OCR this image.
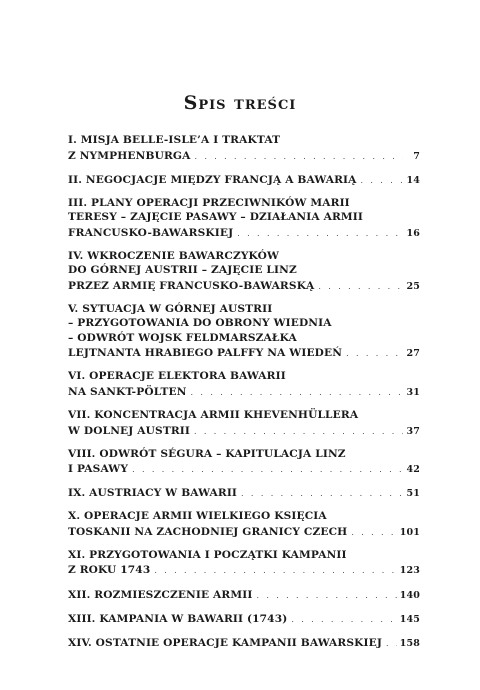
Spis treści
I. MISJA BELLE-ISLE’A I TRAKTAT
Z NYMPHENBURGA . . .	7
II. NEGOCJACJE MIĘDZY FRANCJĄ A BAWARIĄ . . .	14
III. PLANY OPERACJI PRZECIWNIKÓW MARII
TERESY – ZAJĘCIE PASAWY – DZIAŁANIA ARMII
FRANCUSKO-BAWARSKIEJ . . .	16
IV. WKROCZENIE BAWARCZYKÓW
DO GÓRNEJ AUSTRII – ZAJĘCIE LINZ
PRZEZ ARMIĘ FRANCUSKO-BAWARSKĄ . . .	25
V. SYTUACJA W GÓRNEJ AUSTRII
– PRZYGOTOWANIA DO OBRONY WIEDNIA
– ODWRÓT WOJSK FELDMARSZAŁKA
LEJTNANTA HRABIEGO PALFFY NA WIEDEŃ . . .	27
VI. OPERACJE ELEKTORA BAWARII
NA SANKT-PÖLTEN . . .	31
VII. KONCENTRACJA ARMII KHEVENHÜLLERA
W DOLNEJ AUSTRII . . .	37
VIII. ODWRÓT SÉGURA – KAPITULACJA LINZ
I PASAWY . . .	42
IX. AUSTRIACY W BAWARII . . .	51
X. OPERACJE ARMII WIELKIEGO KSIĘCIA
TOSKANII NA ZACHODNIEJ GRANICY CZECH . . .	101
XI. PRZYGOTOWANIA I POCZĄTKI KAMPANII
Z ROKU 1743 . . .	123
XII. ROZMIESZCZENIE ARMII . . .	140
XIII. KAMPANIA W BAWARII (1743) . . .	145
XIV. OSTATNIE OPERACJE KAMPANII BAWARSKIEJ . . . 158
